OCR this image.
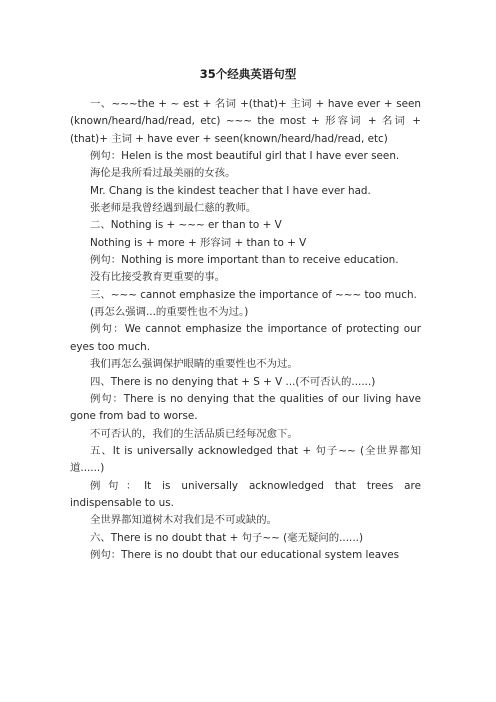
35个经典英语句型

一、~~~the + ~ est + 名词 +(that)+ 主词 + have ever + seen (known/heard/had/read, etc) ~~~ the most + 形容词 + 名词 +(that)+ 主词 + have ever + seen(known/heard/had/read, etc)

例句：Helen is the most beautiful girl that I have ever seen.

海伦是我所看过最美丽的女孩。

Mr. Chang is the kindest teacher that I have ever had.

张老师是我曾经遇到最仁慈的教师。

二、Nothing is + ~~~ er than to + V

Nothing is + more + 形容词 + than to + V

例句：Nothing is more important than to receive education.

没有比接受教育更重要的事。

三、~~~ cannot emphasize the importance of ~~~ too much.

(再怎么强调...的重要性也不为过。)

例句：We cannot emphasize the importance of protecting our eyes too much.

我们再怎么强调保护眼睛的重要性也不为过。

四、There is no denying that + S + V ...(不可否认的......)

例句：There is no denying that the qualities of our living have gone from bad to worse.

不可否认的，我们的生活品质已经每况愈下。

五、It is universally acknowledged that + 句子~~ (全世界都知道......)

例句：It is universally acknowledged that trees are indispensable to us.

全世界都知道树木对我们是不可或缺的。

六、There is no doubt that + 句子~~ (毫无疑问的......)

例句：There is no doubt that our educational system leaves
